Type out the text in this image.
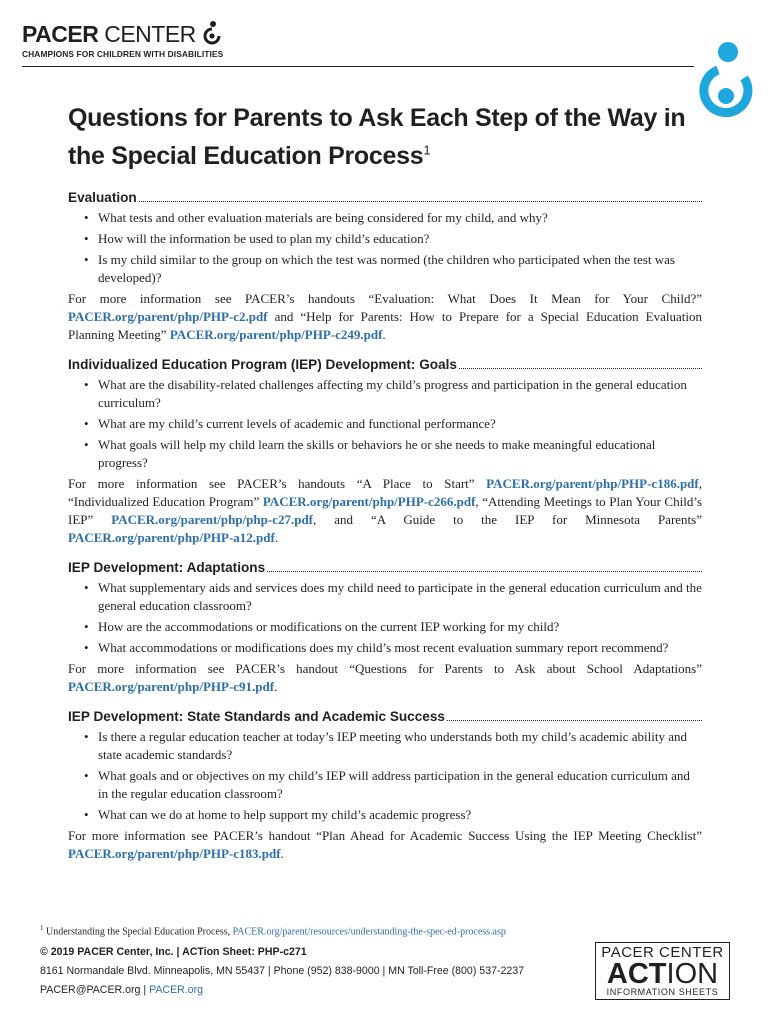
PACER CENTER
CHAMPIONS FOR CHILDREN WITH DISABILITIES
Questions for Parents to Ask Each Step of the Way in the Special Education Process$^1$
Evaluation
• What tests and other evaluation materials are being considered for my child, and why?
• How will the information be used to plan my child’s education?
• Is my child similar to the group on which the test was normed (the children who participated when the test was developed)?

For more information see PACER’s handouts “Evaluation: What Does It Mean for Your Child?” PACER.org/parent/php/PHP-c2.pdf and “Help for Parents: How to Prepare for a Special Education Evaluation Planning Meeting” PACER.org/parent/php/PHP-c249.pdf.

Individualized Education Program (IEP) Development: Goals
• What are the disability-related challenges affecting my child’s progress and participation in the general education curriculum?
• What are my child’s current levels of academic and functional performance?
• What goals will help my child learn the skills or behaviors he or she needs to make meaningful educational progress?

For more information see PACER’s handouts “A Place to Start” PACER.org/parent/php/PHP-c186.pdf, “Individualized Education Program” PACER.org/parent/php/PHP-c266.pdf, “Attending Meetings to Plan Your Child’s IEP” PACER.org/parent/php/php-c27.pdf, and “A Guide to the IEP for Minnesota Parents” PACER.org/parent/php/PHP-a12.pdf.

IEP Development: Adaptations
• What supplementary aids and services does my child need to participate in the general education curriculum and the general education classroom?
• How are the accommodations or modifications on the current IEP working for my child?
• What accommodations or modifications does my child’s most recent evaluation summary report recommend?

For more information see PACER’s handout “Questions for Parents to Ask about School Adaptations” PACER.org/parent/php/PHP-c91.pdf.

IEP Development: State Standards and Academic Success
• Is there a regular education teacher at today’s IEP meeting who understands both my child’s academic ability and state academic standards?
• What goals and or objectives on my child’s IEP will address participation in the general education curriculum and in the regular education classroom?
• What can we do at home to help support my child’s academic progress?

For more information see PACER’s handout “Plan Ahead for Academic Success Using the IEP Meeting Checklist” PACER.org/parent/php/PHP-c183.pdf.

$^1$ Understanding the Special Education Process, PACER.org/parent/resources/understanding-the-spec-ed-process.asp
© 2019 PACER Center, Inc. | ACTion Sheet: PHP-c271
8161 Normandale Blvd. Minneapolis, MN 55437 | Phone (952) 838-9000 | MN Toll-Free (800) 537-2237
PACER@PACER.org | PACER.org
PACER CENTER
ACTION
INFORMATION SHEETS
